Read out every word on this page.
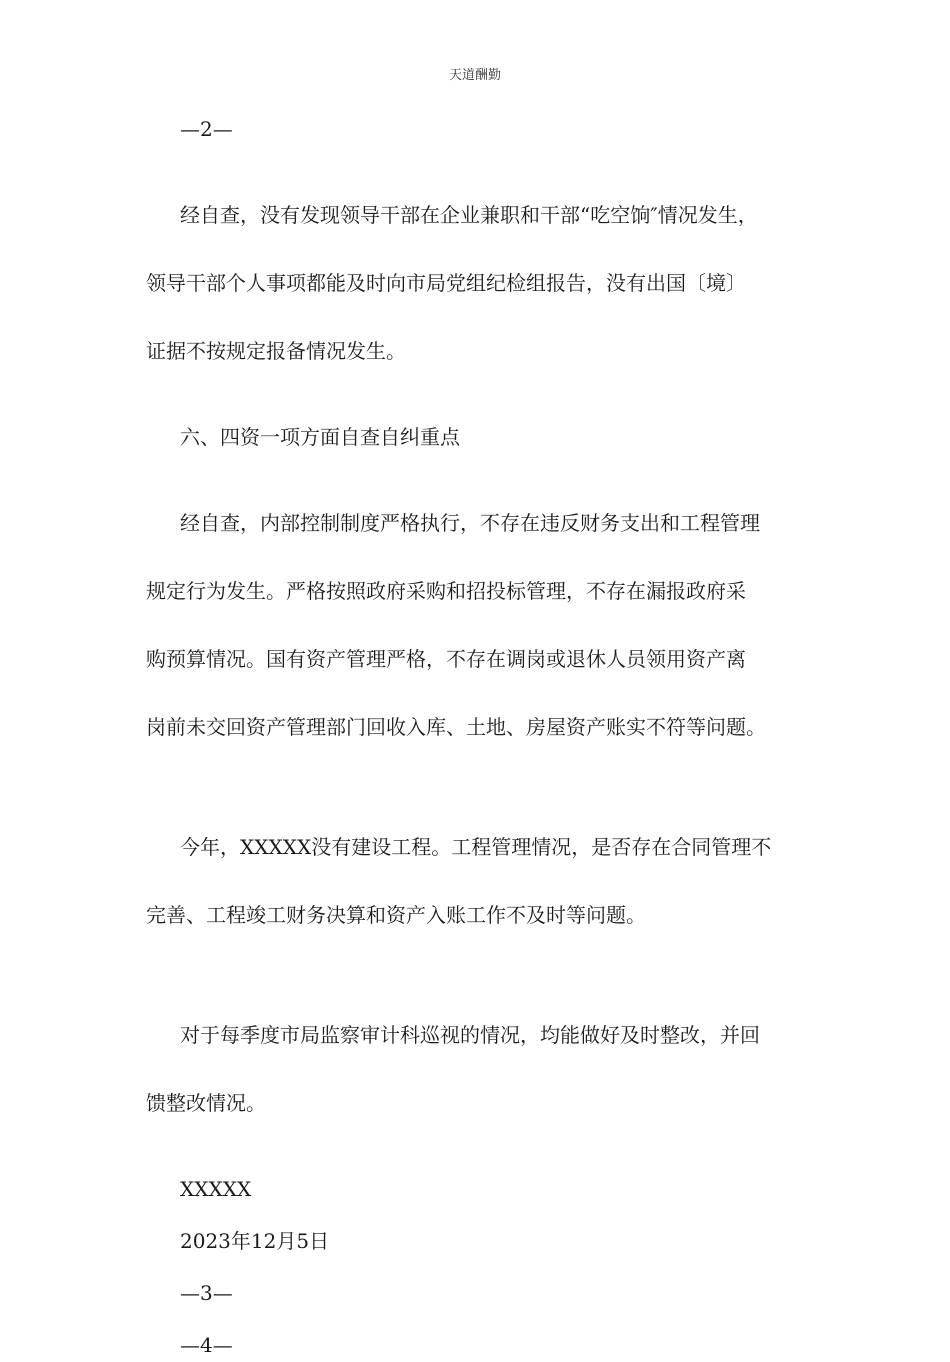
天道酬勤

—2—

经自查，没有发现领导干部在企业兼职和干部“吃空饷″情况发生，

领导干部个人事项都能及时向市局党组纪检组报告，没有出国〔境〕

证据不按规定报备情况发生。

六、四资一项方面自查自纠重点

经自查，内部控制制度严格执行，不存在违反财务支出和工程管理

规定行为发生。严格按照政府采购和招投标管理，不存在漏报政府采

购预算情况。国有资产管理严格，不存在调岗或退休人员领用资产离

岗前未交回资产管理部门回收入库、土地、房屋资产账实不符等问题。

今年，XXXXX没有建设工程。工程管理情况，是否存在合同管理不

完善、工程竣工财务决算和资产入账工作不及时等问题。

对于每季度市局监察审计科巡视的情况，均能做好及时整改，并回

馈整改情况。

XXXXX

2023年12月5日

—3—

—4—
